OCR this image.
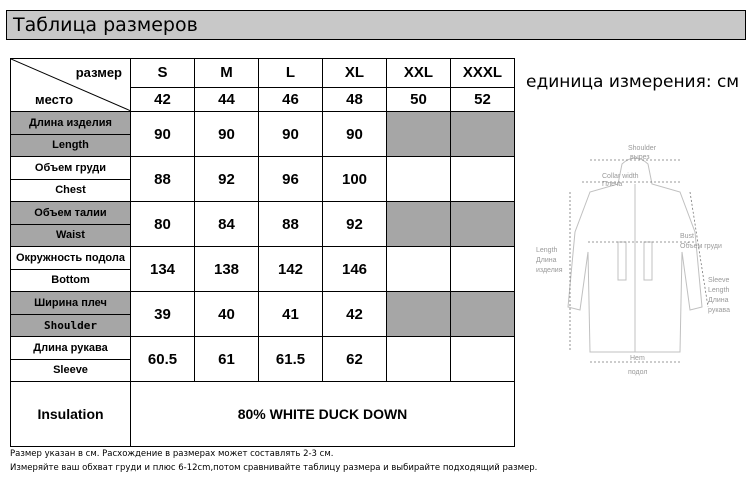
Таблица размеров
размер
место	S	M	L	XL	XXL	XXXL
	42	44	46	48	50	52

Длина изделия
Length	90	90	90	90		

Объем груди
Chest	88	92	96	100		

Объем талии
Waist	80	84	88	92		

Окружность подола
Bottom	134	138	142	146		

Ширина плеч
Shoulder	39	40	41	42		

Длина рукава
Sleeve	60.5	61	61.5	62		
Insulation	80% WHITE DUCK DOWN					
единица измерения: см
Shoulder
вырез
Collar width
Плеча
Length
Длина
изделия
Bust
Объем груди
Sleeve
Length
Длина
рукава
Hem
подол
Размер указан в см. Расхождение в размерах может составлять 2-3 см.
Измеряйте ваш обхват груди и плюс 6-12cm,потом сравнивайте таблицу размера и выбирайте подходящий размер.
